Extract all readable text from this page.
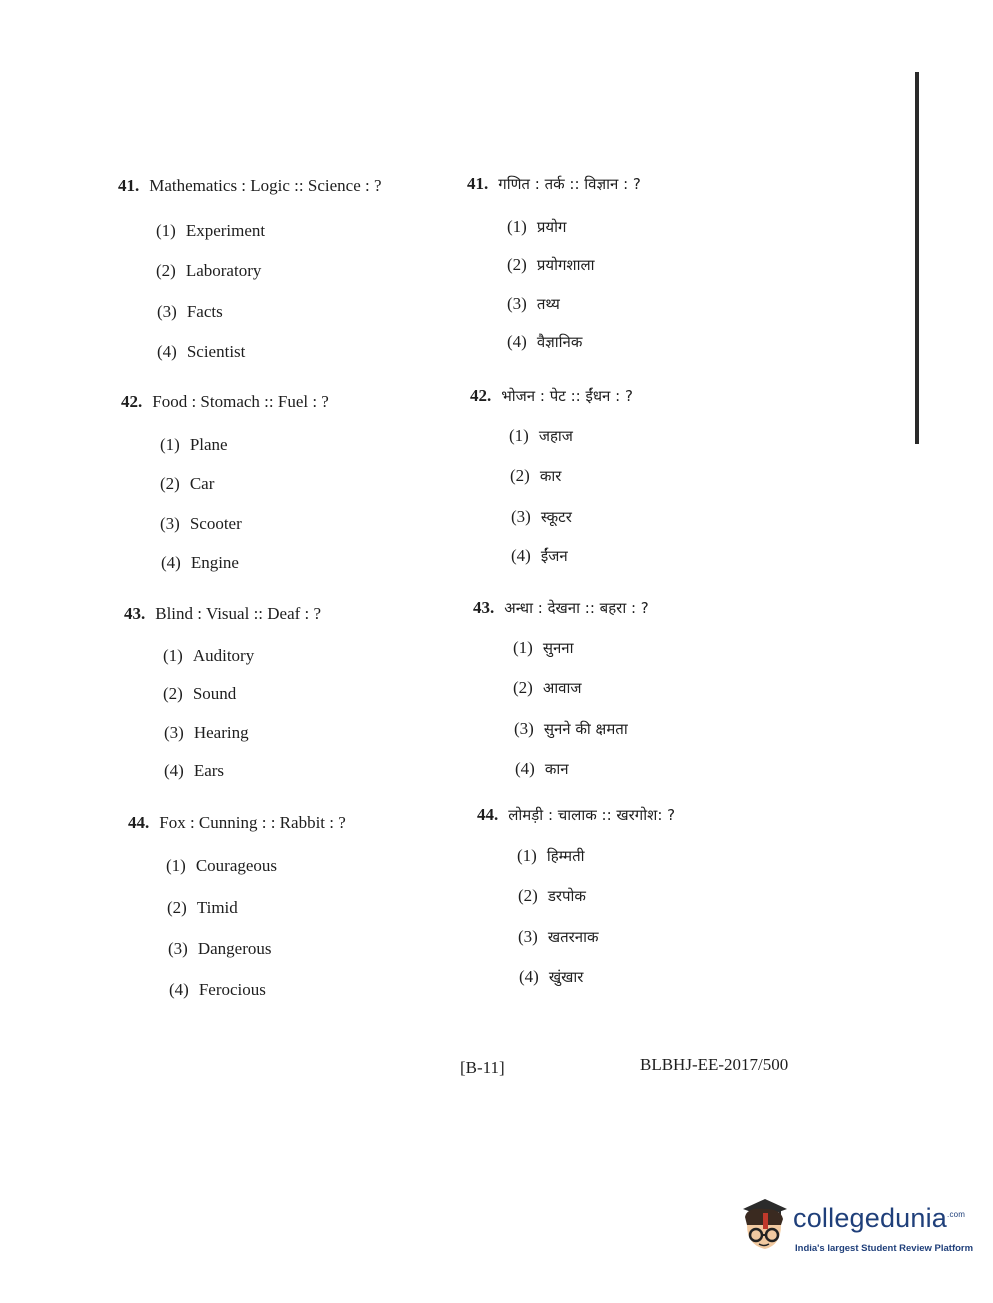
41. Mathematics : Logic :: Science : ?
(1) Experiment
(2) Laboratory
(3) Facts
(4) Scientist
42. Food : Stomach :: Fuel : ?
(1) Plane
(2) Car
(3) Scooter
(4) Engine
43. Blind : Visual :: Deaf : ?
(1) Auditory
(2) Sound
(3) Hearing
(4) Ears
44. Fox : Cunning : : Rabbit : ?
(1) Courageous
(2) Timid
(3) Dangerous
(4) Ferocious
41. गणित : तर्क :: विज्ञान : ?
(1) प्रयोग
(2) प्रयोगशाला
(3) तथ्य
(4) वैज्ञानिक
42. भोजन : पेट :: ईंधन : ?
(1) जहाज
(2) कार
(3) स्कूटर
(4) ईंजन
43. अन्धा : देखना :: बहरा : ?
(1) सुनना
(2) आवाज
(3) सुनने की क्षमता
(4) कान
44. लोमड़ी : चालाक :: खरगोश: ?
(1) हिम्मती
(2) डरपोक
(3) खतरनाक
(4) खुंखार
[B-11]	BLBHJ-EE-2017/500
collegedunia$^{.com}$
India's largest Student Review Platform
